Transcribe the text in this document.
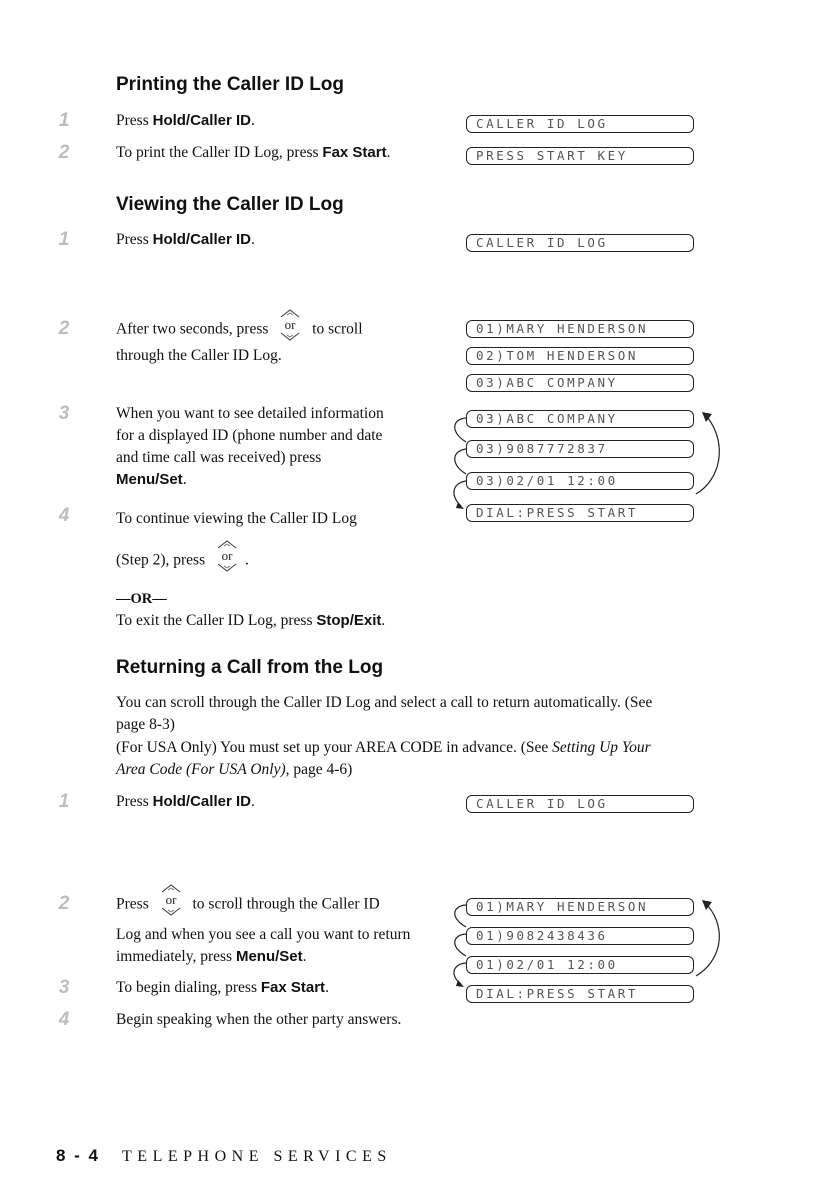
Printing the Caller ID Log
1	Press Hold/Caller ID.	CALLER ID LOG
2	To print the Caller ID Log, press Fax Start.	PRESS START KEY
Viewing the Caller ID Log
1	Press Hold/Caller ID.	CALLER ID LOG
2	After two seconds, press or to scroll
through the Caller ID Log.
01)MARY HENDERSON
02)TOM HENDERSON
03)ABC COMPANY
3	When you want to see detailed information
for a displayed ID (phone number and date
and time call was received) press
Menu/Set.
03)ABC COMPANY
03)9087772837
03)02/01 12:00
DIAL:PRESS START
4	To continue viewing the Caller ID Log
(Step 2), press or .
—OR—
To exit the Caller ID Log, press Stop/Exit.
Returning a Call from the Log
You can scroll through the Caller ID Log and select a call to return automatically. (See
page 8-3)
(For USA Only) You must set up your AREA CODE in advance. (See Setting Up Your
Area Code (For USA Only), page 4-6)
1	Press Hold/Caller ID.	CALLER ID LOG
2	Press or to scroll through the Caller ID
Log and when you see a call you want to return
immediately, press Menu/Set.
01)MARY HENDERSON
01)9082438436
01)02/01 12:00
DIAL:PRESS START
3	To begin dialing, press Fax Start.
4	Begin speaking when the other party answers.
8 - 4 TELEPHONE SERVICES
